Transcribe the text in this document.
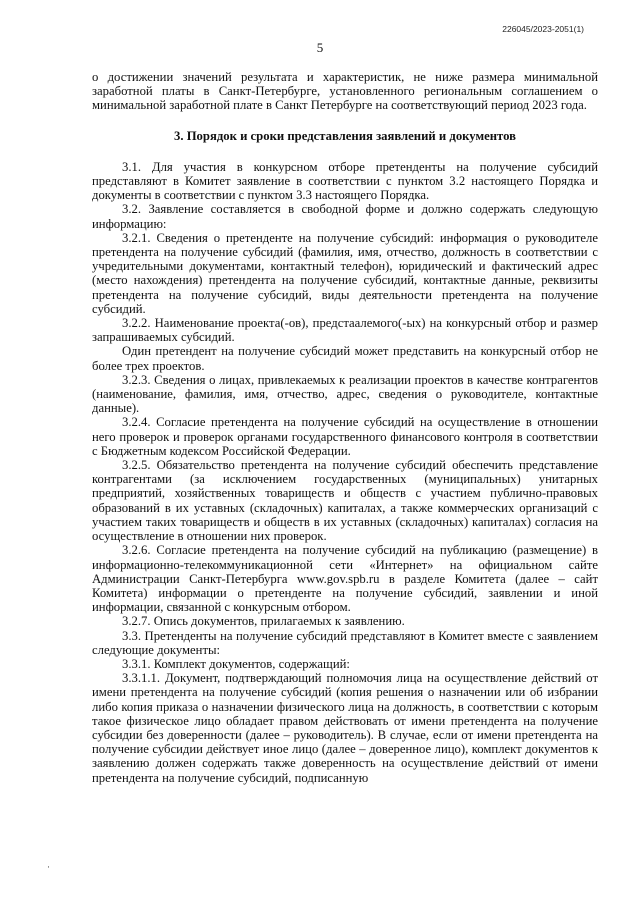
226045/2023-2051(1)
5

о достижении значений результата и характеристик, не ниже размера минимальной заработной платы в Санкт-Петербурге, установленного региональным соглашением о минимальной заработной плате в Санкт Петербурге на соответствующий период 2023 года.

3. Порядок и сроки представления заявлений и документов

3.1. Для участия в конкурсном отборе претенденты на получение субсидий представляют в Комитет заявление в соответствии с пунктом 3.2 настоящего Порядка и документы в соответствии с пунктом 3.3 настоящего Порядка.

3.2. Заявление составляется в свободной форме и должно содержать следующую информацию:

3.2.1. Сведения о претенденте на получение субсидий: информация о руководителе претендента на получение субсидий (фамилия, имя, отчество, должность в соответствии с учредительными документами, контактный телефон), юридический и фактический адрес (место нахождения) претендента на получение субсидий, контактные данные, реквизиты претендента на получение субсидий, виды деятельности претендента на получение субсидий.

3.2.2. Наименование проекта(-ов), предстаалемого(-ых) на конкурсный отбор и размер запрашиваемых субсидий.

Один претендент на получение субсидий может представить на конкурсный отбор не более трех проектов.

3.2.3. Сведения о лицах, привлекаемых к реализации проектов в качестве контрагентов (наименование, фамилия, имя, отчество, адрес, сведения о руководителе, контактные данные).

3.2.4. Согласие претендента на получение субсидий на осуществление в отношении него проверок и проверок органами государственного финансового контроля в соответствии с Бюджетным кодексом Российской Федерации.

3.2.5. Обязательство претендента на получение субсидий обеспечить представление контрагентами (за исключением государственных (муниципальных) унитарных предприятий, хозяйственных товариществ и обществ с участием публично-правовых образований в их уставных (складочных) капиталах, а также коммерческих организаций с участием таких товариществ и обществ в их уставных (складочных) капиталах) согласия на осуществление в отношении них проверок.

3.2.6. Согласие претендента на получение субсидий на публикацию (размещение) в информационно-телекоммуникационной сети «Интернет» на официальном сайте Администрации Санкт-Петербурга www.gov.spb.ru в разделе Комитета (далее – сайт Комитета) информации о претенденте на получение субсидий, заявлении и иной информации, связанной с конкурсным отбором.

3.2.7. Опись документов, прилагаемых к заявлению.

3.3. Претенденты на получение субсидий представляют в Комитет вместе с заявлением следующие документы:

3.3.1. Комплект документов, содержащий:

3.3.1.1. Документ, подтверждающий полномочия лица на осуществление действий от имени претендента на получение субсидий (копия решения о назначении или об избрании либо копия приказа о назначении физического лица на должность, в соответствии с которым такое физическое лицо обладает правом действовать от имени претендента на получение субсидии без доверенности (далее – руководитель). В случае, если от имени претендента на получение субсидии действует иное лицо (далее – доверенное лицо), комплект документов к заявлению должен содержать также доверенность на осуществление действий от имени претендента на получение субсидий, подписанную

·
